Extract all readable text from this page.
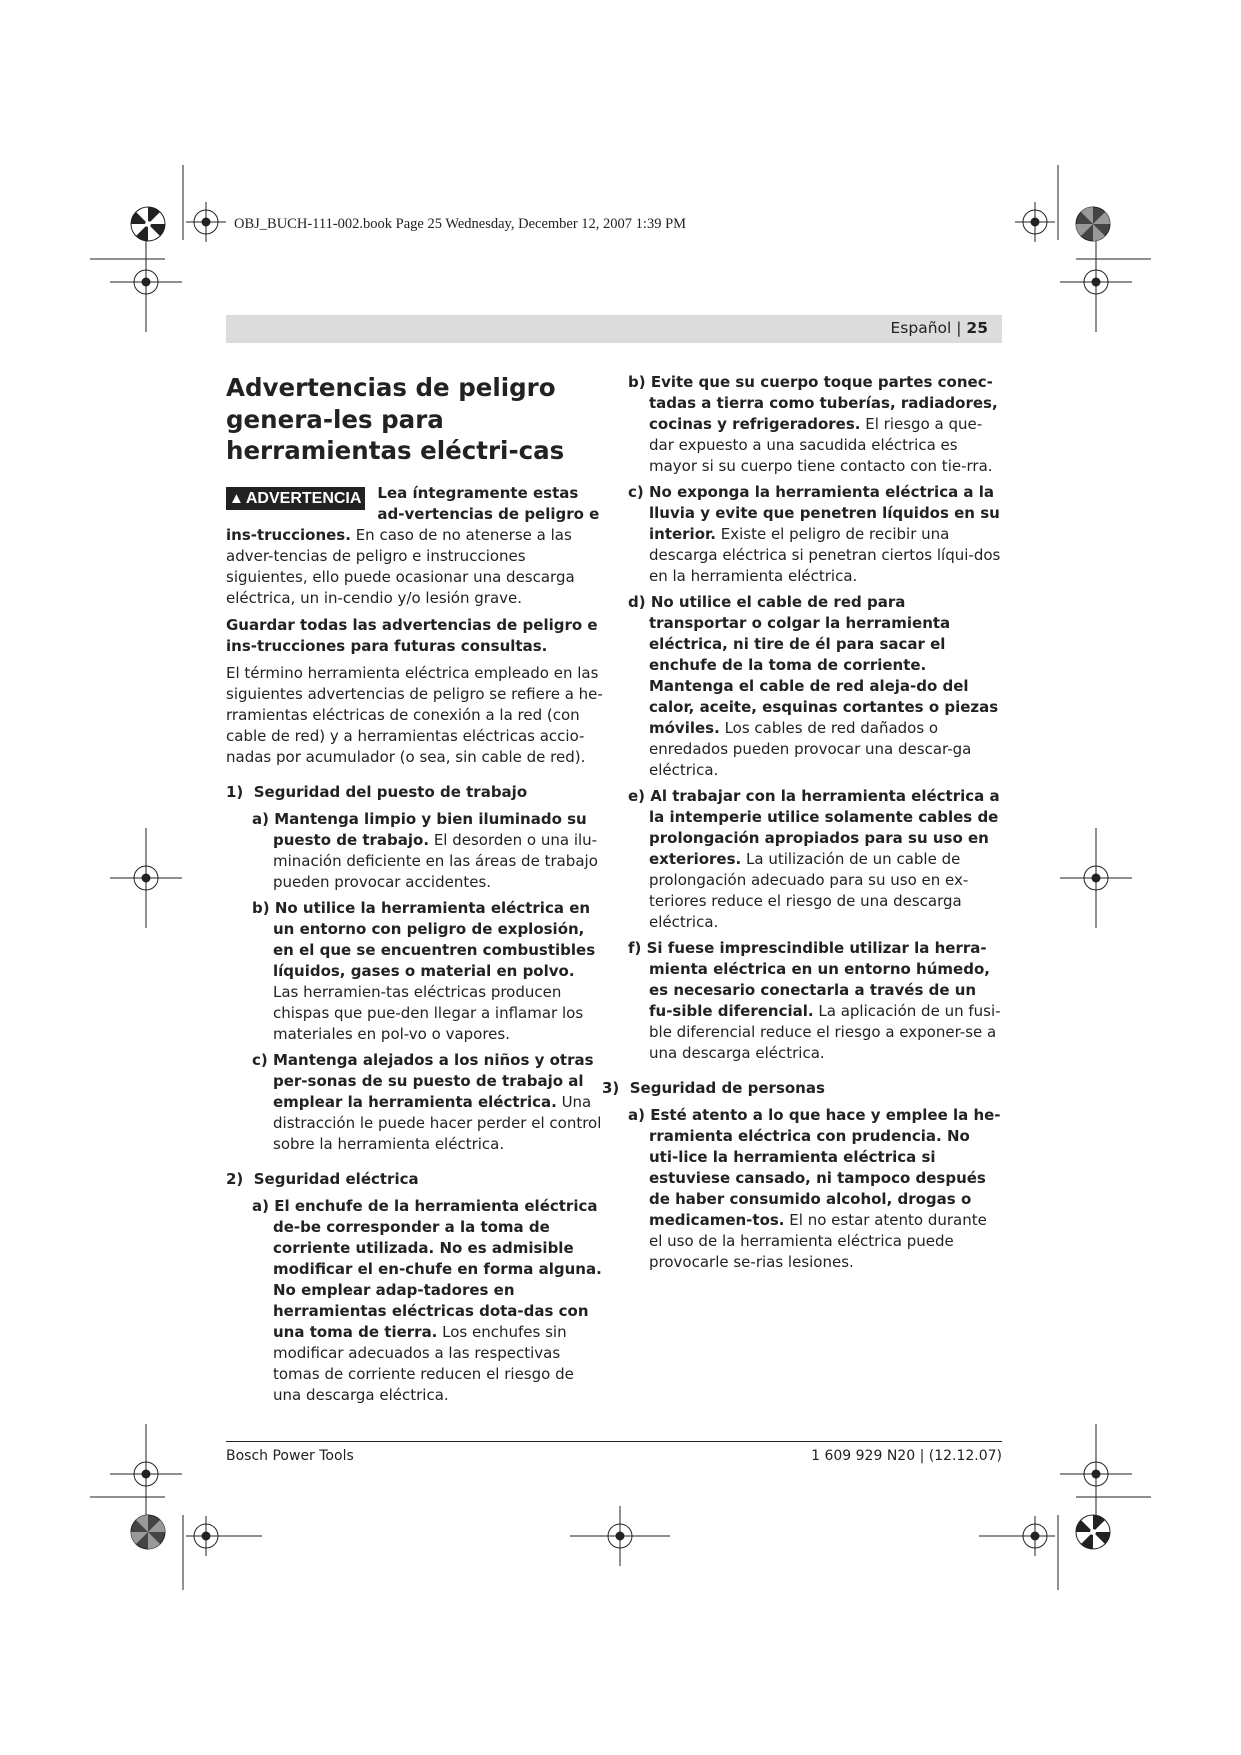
OBJ_BUCH-111-002.book Page 25 Wednesday, December 12, 2007 1:39 PM
Español | 25
Advertencias de peligro genera-les para herramientas eléctri-cas

▲ ADVERTENCIA Lea íntegramente estas ad-vertencias de peligro e ins-trucciones. En caso de no atenerse a las adver-tencias de peligro e instrucciones siguientes, ello puede ocasionar una descarga eléctrica, un in-cendio y/o lesión grave.

Guardar todas las advertencias de peligro e ins-trucciones para futuras consultas.

El término herramienta eléctrica empleado en las siguientes advertencias de peligro se refiere a he-rramientas eléctricas de conexión a la red (con cable de red) y a herramientas eléctricas accio-nadas por acumulador (o sea, sin cable de red).

1) Seguridad del puesto de trabajo

a) Mantenga limpio y bien iluminado su puesto de trabajo. El desorden o una ilu-minación deficiente en las áreas de trabajo pueden provocar accidentes.

b) No utilice la herramienta eléctrica en un entorno con peligro de explosión, en el que se encuentren combustibles líquidos, gases o material en polvo. Las herramien-tas eléctricas producen chispas que pue-den llegar a inflamar los materiales en pol-vo o vapores.

c) Mantenga alejados a los niños y otras per-sonas de su puesto de trabajo al emplear la herramienta eléctrica. Una distracción le puede hacer perder el control sobre la herramienta eléctrica.

2) Seguridad eléctrica

a) El enchufe de la herramienta eléctrica de-be corresponder a la toma de corriente utilizada. No es admisible modificar el en-chufe en forma alguna. No emplear adap-tadores en herramientas eléctricas dota-das con una toma de tierra. Los enchufes sin modificar adecuados a las respectivas tomas de corriente reducen el riesgo de una descarga eléctrica.

b) Evite que su cuerpo toque partes conec-tadas a tierra como tuberías, radiadores, cocinas y refrigeradores. El riesgo a que-dar expuesto a una sacudida eléctrica es mayor si su cuerpo tiene contacto con tie-rra.

c) No exponga la herramienta eléctrica a la lluvia y evite que penetren líquidos en su interior. Existe el peligro de recibir una descarga eléctrica si penetran ciertos líqui-dos en la herramienta eléctrica.

d) No utilice el cable de red para transportar o colgar la herramienta eléctrica, ni tire de él para sacar el enchufe de la toma de corriente. Mantenga el cable de red aleja-do del calor, aceite, esquinas cortantes o piezas móviles. Los cables de red dañados o enredados pueden provocar una descar-ga eléctrica.

e) Al trabajar con la herramienta eléctrica a la intemperie utilice solamente cables de prolongación apropiados para su uso en exteriores. La utilización de un cable de prolongación adecuado para su uso en ex-teriores reduce el riesgo de una descarga eléctrica.

f) Si fuese imprescindible utilizar la herra-mienta eléctrica en un entorno húmedo, es necesario conectarla a través de un fu-sible diferencial. La aplicación de un fusi-ble diferencial reduce el riesgo a exponer-se a una descarga eléctrica.

3) Seguridad de personas

a) Esté atento a lo que hace y emplee la he-rramienta eléctrica con prudencia. No uti-lice la herramienta eléctrica si estuviese cansado, ni tampoco después de haber consumido alcohol, drogas o medicamen-tos. El no estar atento durante el uso de la herramienta eléctrica puede provocarle se-rias lesiones.

Bosch Power Tools	1 609 929 N20 | (12.12.07)
